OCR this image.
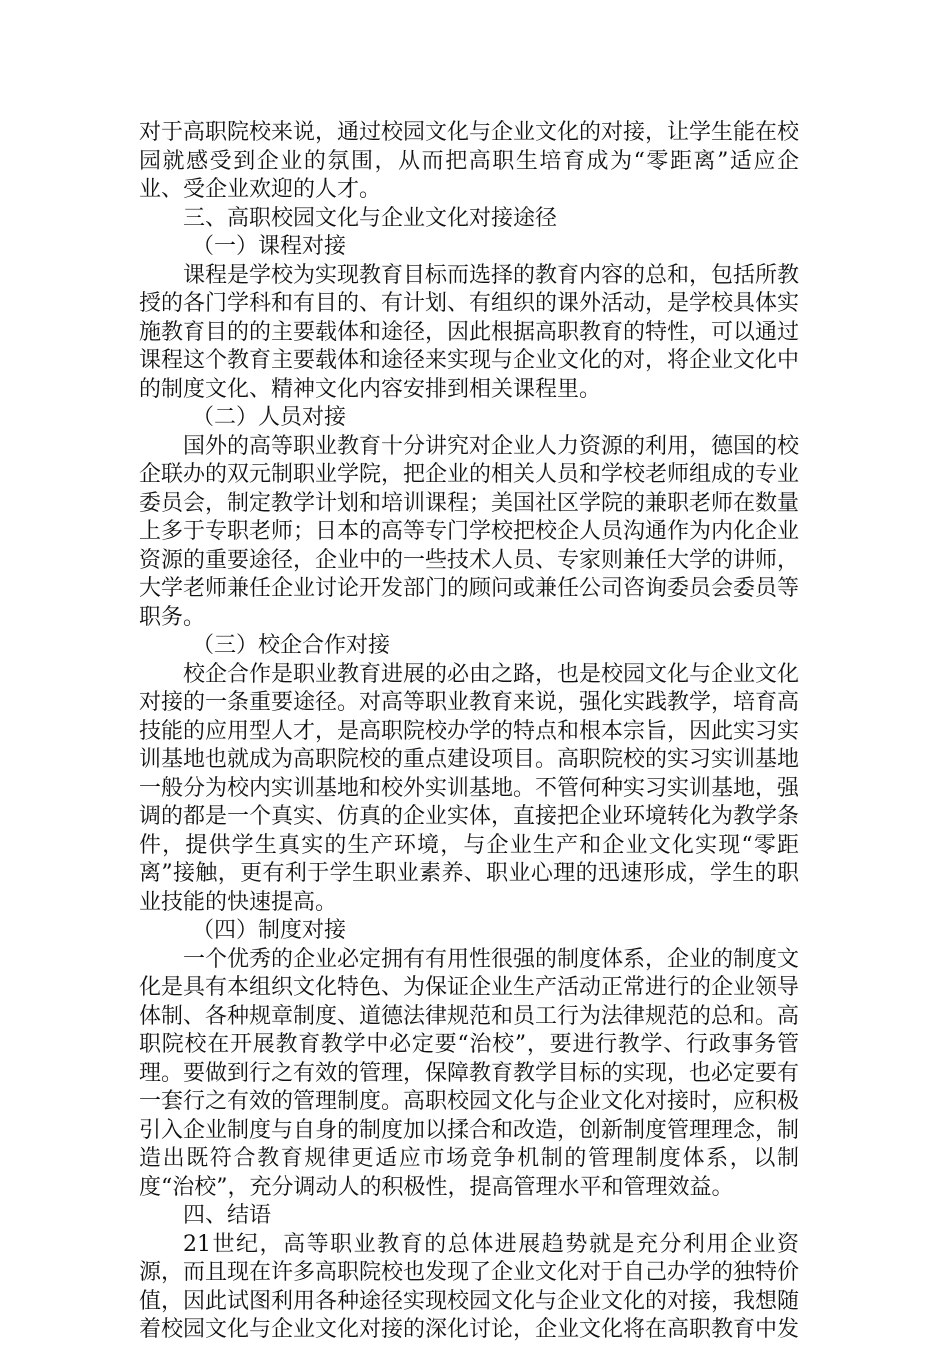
对于高职院校来说，通过校园文化与企业文化的对接，让学生能在校园就感受到企业的氛围，从而把高职生培育成为“零距离”适应企业、受企业欢迎的人才。

三、高职校园文化与企业文化对接途径

（一）课程对接

课程是学校为实现教育目标而选择的教育内容的总和，包括所教授的各门学科和有目的、有计划、有组织的课外活动，是学校具体实施教育目的的主要载体和途径，因此根据高职教育的特性，可以通过课程这个教育主要载体和途径来实现与企业文化的对，将企业文化中的制度文化、精神文化内容安排到相关课程里。

（二）人员对接

国外的高等职业教育十分讲究对企业人力资源的利用，德国的校企联办的双元制职业学院，把企业的相关人员和学校老师组成的专业委员会，制定教学计划和培训课程；美国社区学院的兼职老师在数量上多于专职老师；日本的高等专门学校把校企人员沟通作为内化企业资源的重要途径，企业中的一些技术人员、专家则兼任大学的讲师，大学老师兼任企业讨论开发部门的顾问或兼任公司咨询委员会委员等职务。

（三）校企合作对接

校企合作是职业教育进展的必由之路，也是校园文化与企业文化对接的一条重要途径。对高等职业教育来说，强化实践教学，培育高技能的应用型人才，是高职院校办学的特点和根本宗旨，因此实习实训基地也就成为高职院校的重点建设项目。高职院校的实习实训基地一般分为校内实训基地和校外实训基地。不管何种实习实训基地，强调的都是一个真实、仿真的企业实体，直接把企业环境转化为教学条件，提供学生真实的生产环境，与企业生产和企业文化实现“零距离”接触，更有利于学生职业素养、职业心理的迅速形成，学生的职业技能的快速提高。

（四）制度对接

一个优秀的企业必定拥有有用性很强的制度体系，企业的制度文化是具有本组织文化特色、为保证企业生产活动正常进行的企业领导体制、各种规章制度、道德法律规范和员工行为法律规范的总和。高职院校在开展教育教学中必定要“治校”，要进行教学、行政事务管理。要做到行之有效的管理，保障教育教学目标的实现，也必定要有一套行之有效的管理制度。高职校园文化与企业文化对接时，应积极引入企业制度与自身的制度加以揉合和改造，创新制度管理理念，制造出既符合教育规律更适应市场竞争机制的管理制度体系，以制度“治校”，充分调动人的积极性，提高管理水平和管理效益。

四、结语

21世纪，高等职业教育的总体进展趋势就是充分利用企业资源，而且现在许多高职院校也发现了企业文化对于自己办学的独特价值，因此试图利用各种途径实现校园文化与企业文化的对接，我想随着校园文化与企业文化对接的深化讨论，企业文化将在高职教育中发
